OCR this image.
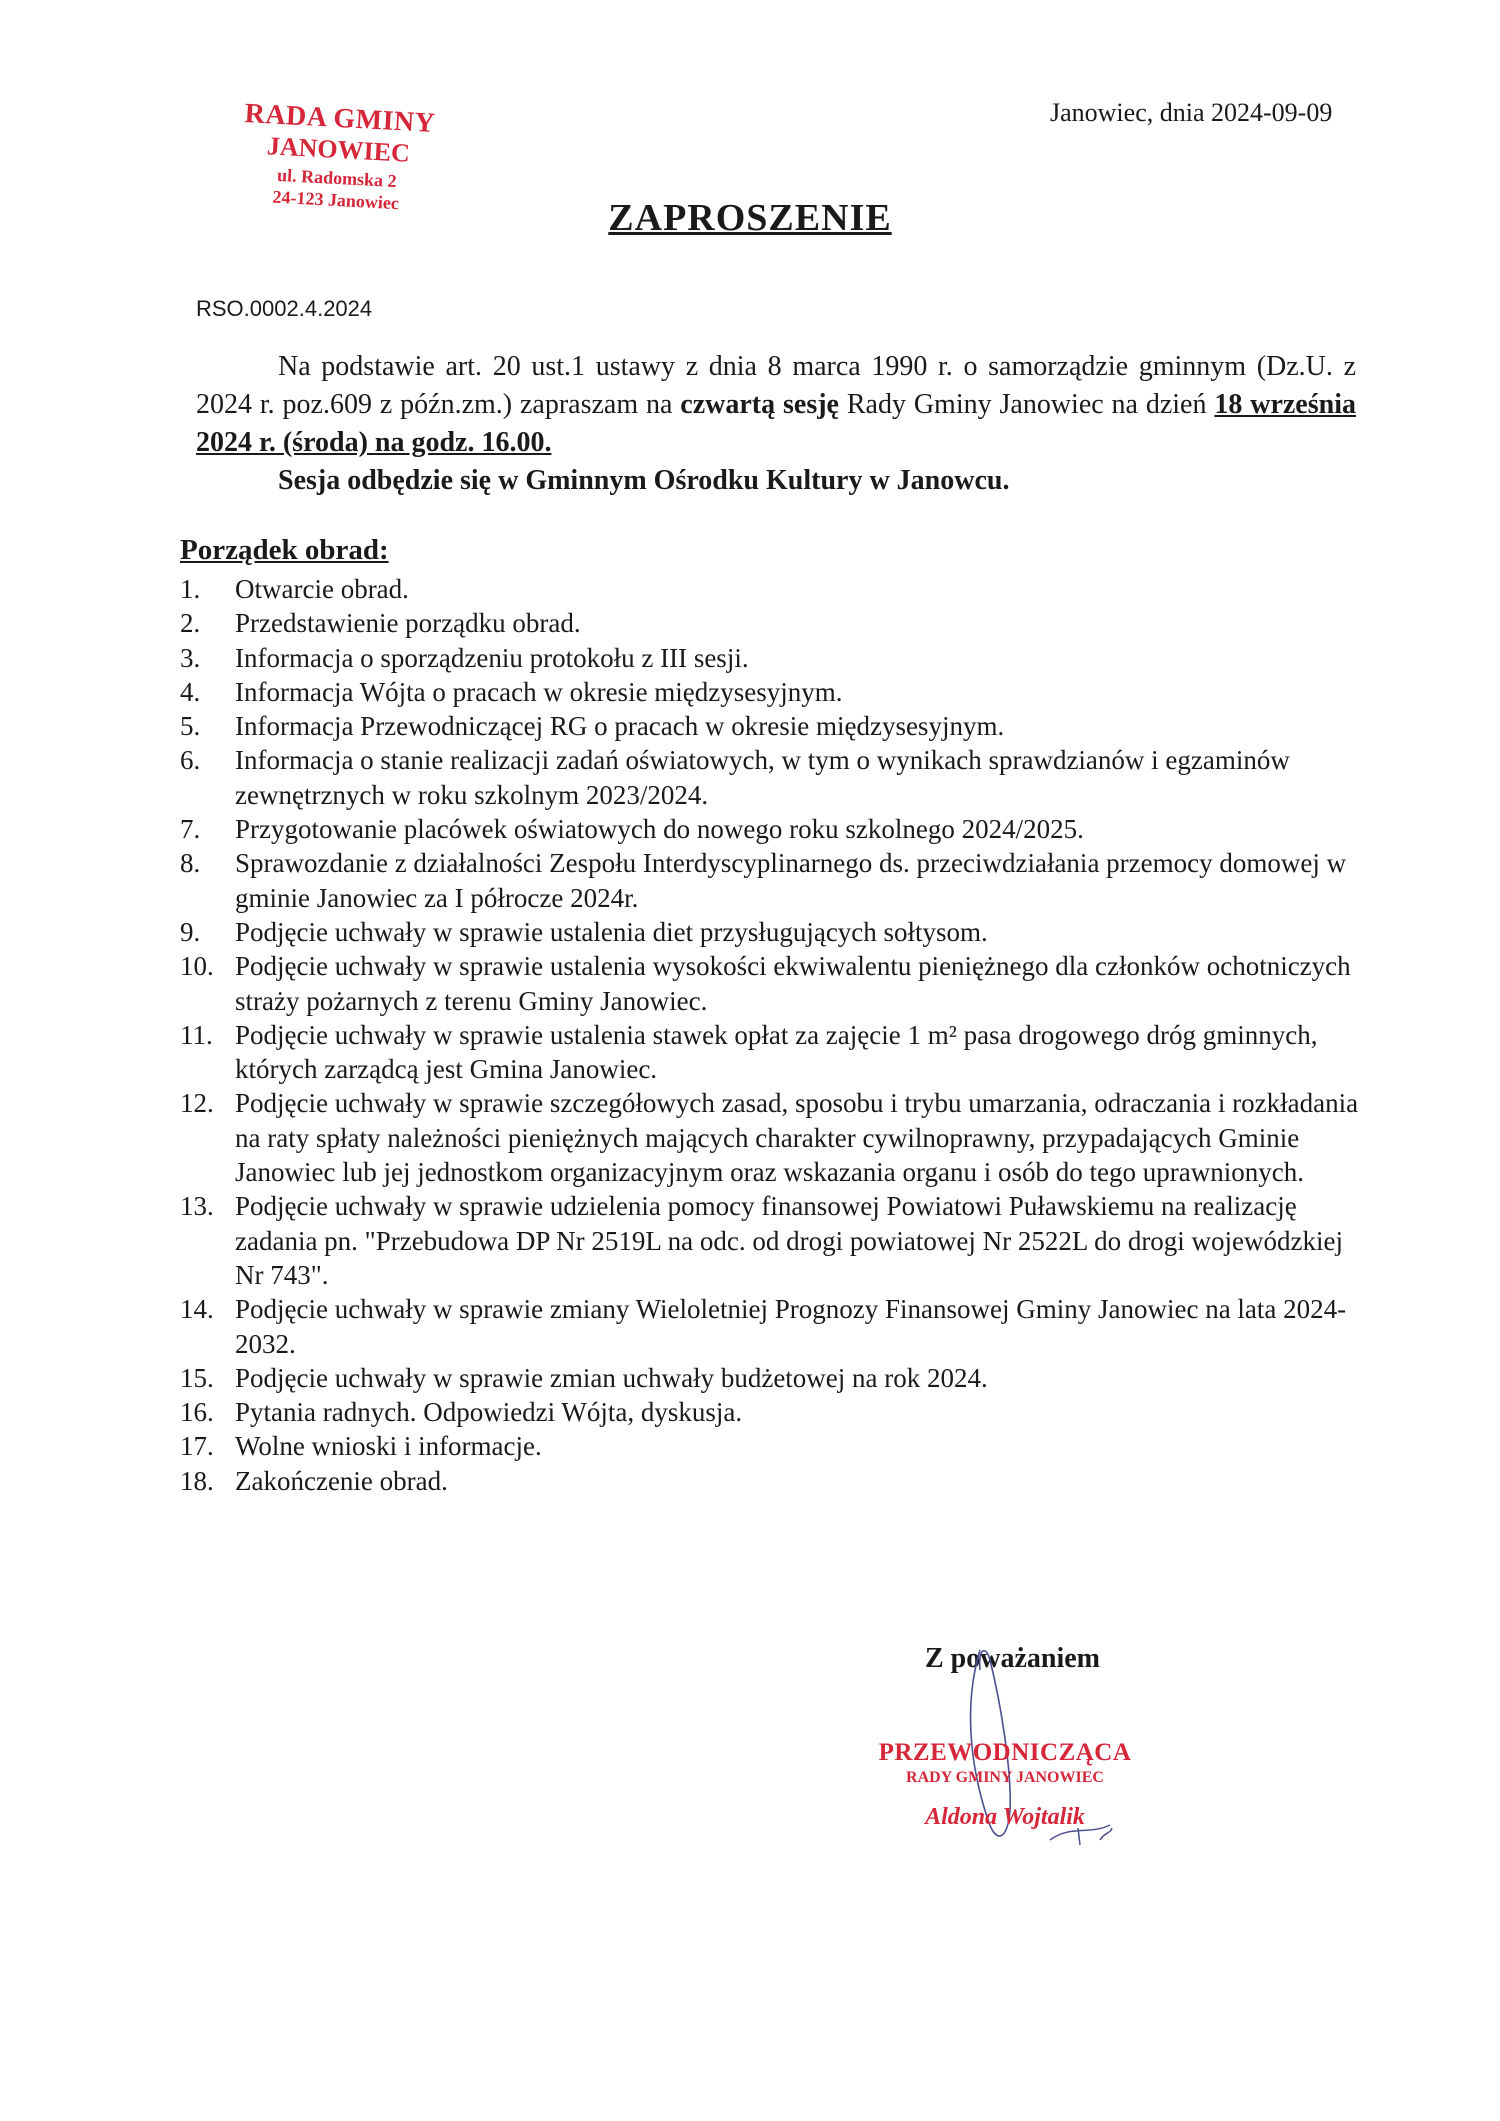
RADA GMINY
JANOWIEC
ul. Radomska 2
24-123 Janowiec
Janowiec, dnia 2024-09-09
ZAPROSZENIE
RSO.0002.4.2024

Na podstawie art. 20 ust.1 ustawy z dnia 8 marca 1990 r. o samorządzie gminnym (Dz.U. z 2024 r. poz.609 z późn.zm.) zapraszam na czwartą sesję Rady Gminy Janowiec na dzień 18 września 2024 r. (środa) na godz. 16.00.

Sesja odbędzie się w Gminnym Ośrodku Kultury w Janowcu.

Porządek obrad:
1.	Otwarcie obrad.
2.	Przedstawienie porządku obrad.
3.	Informacja o sporządzeniu protokołu z III sesji.
4.	Informacja Wójta o pracach w okresie międzysesyjnym.
5.	Informacja Przewodniczącej RG o pracach w okresie międzysesyjnym.
6.	Informacja o stanie realizacji zadań oświatowych, w tym o wynikach sprawdzianów i egzaminów zewnętrznych w roku szkolnym 2023/2024.
7.	Przygotowanie placówek oświatowych do nowego roku szkolnego 2024/2025.
8.	Sprawozdanie z działalności Zespołu Interdyscyplinarnego ds. przeciwdziałania przemocy domowej w gminie Janowiec za I półrocze 2024r.
9.	Podjęcie uchwały w sprawie ustalenia diet przysługujących sołtysom.
10. Podjęcie uchwały w sprawie ustalenia wysokości ekwiwalentu pieniężnego dla członków ochotniczych straży pożarnych z terenu Gminy Janowiec.
11. Podjęcie uchwały w sprawie ustalenia stawek opłat za zajęcie 1 m² pasa drogowego dróg gminnych, których zarządcą jest Gmina Janowiec.
12. Podjęcie uchwały w sprawie szczegółowych zasad, sposobu i trybu umarzania, odraczania i rozkładania na raty spłaty należności pieniężnych mających charakter cywilnoprawny, przypadających Gminie Janowiec lub jej jednostkom organizacyjnym oraz wskazania organu i osób do tego uprawnionych.
13. Podjęcie uchwały w sprawie udzielenia pomocy finansowej Powiatowi Puławskiemu na realizację zadania pn. "Przebudowa DP Nr 2519L na odc. od drogi powiatowej Nr 2522L do drogi wojewódzkiej Nr 743".
14. Podjęcie uchwały w sprawie zmiany Wieloletniej Prognozy Finansowej Gminy Janowiec na lata 2024-2032.
15. Podjęcie uchwały w sprawie zmian uchwały budżetowej na rok 2024.
16. Pytania radnych. Odpowiedzi Wójta, dyskusja.
17. Wolne wnioski i informacje.
18. Zakończenie obrad.
Z poważaniem
PRZEWODNICZĄCA
RADY GMINY JANOWIEC
Aldona Wojtalik
